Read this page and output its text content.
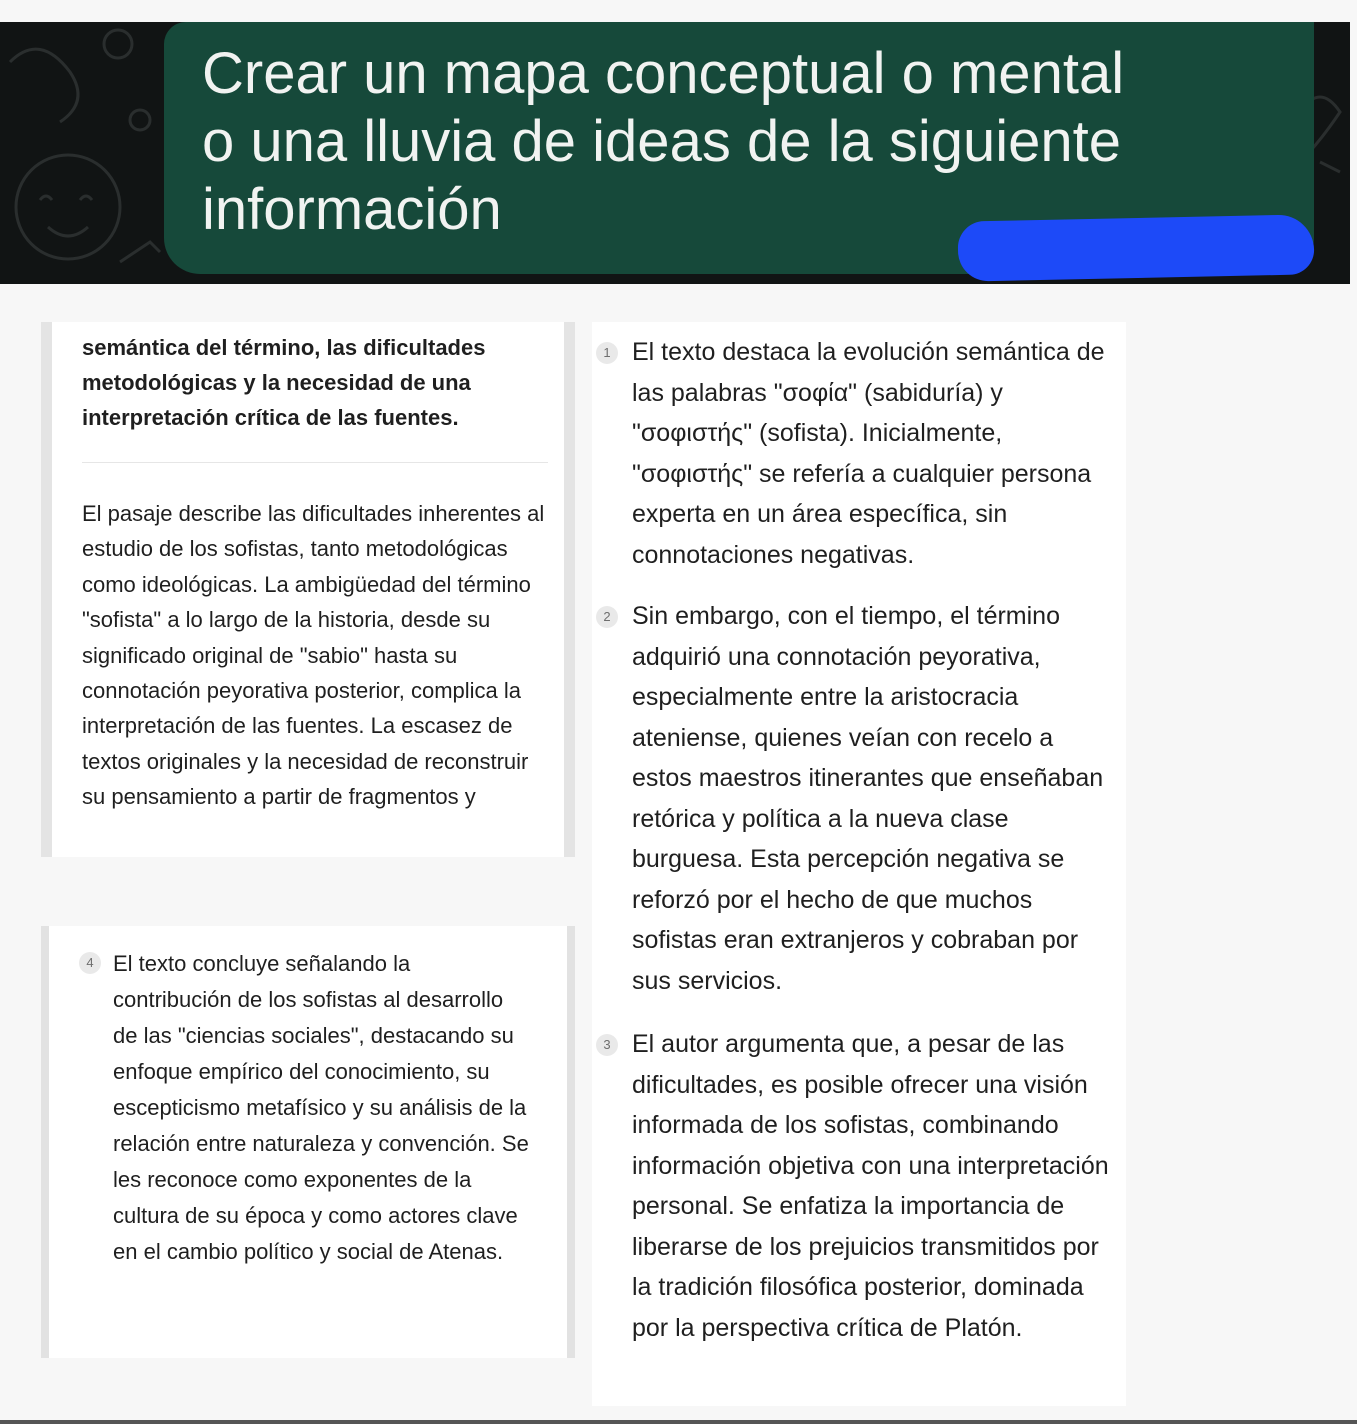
Crear un mapa conceptual o mental
o una lluvia de ideas de la siguiente
información

semántica del término, las dificultades metodológicas y la necesidad de una interpretación crítica de las fuentes.

El pasaje describe las dificultades inherentes al estudio de los sofistas, tanto metodológicas como ideológicas. La ambigüedad del término "sofista" a lo largo de la historia, desde su significado original de "sabio" hasta su connotación peyorativa posterior, complica la interpretación de las fuentes. La escasez de textos originales y la necesidad de reconstruir su pensamiento a partir de fragmentos y

4 El texto concluye señalando la contribución de los sofistas al desarrollo de las "ciencias sociales", destacando su enfoque empírico del conocimiento, su escepticismo metafísico y su análisis de la relación entre naturaleza y convención. Se les reconoce como exponentes de la cultura de su época y como actores clave en el cambio político y social de Atenas.

1 El texto destaca la evolución semántica de las palabras "σοφία" (sabiduría) y "σοφιστής" (sofista). Inicialmente, "σοφιστής" se refería a cualquier persona experta en un área específica, sin connotaciones negativas.

2 Sin embargo, con el tiempo, el término adquirió una connotación peyorativa, especialmente entre la aristocracia ateniense, quienes veían con recelo a estos maestros itinerantes que enseñaban retórica y política a la nueva clase burguesa. Esta percepción negativa se reforzó por el hecho de que muchos sofistas eran extranjeros y cobraban por sus servicios.

3 El autor argumenta que, a pesar de las dificultades, es posible ofrecer una visión informada de los sofistas, combinando información objetiva con una interpretación personal. Se enfatiza la importancia de liberarse de los prejuicios transmitidos por la tradición filosófica posterior, dominada por la perspectiva crítica de Platón.
